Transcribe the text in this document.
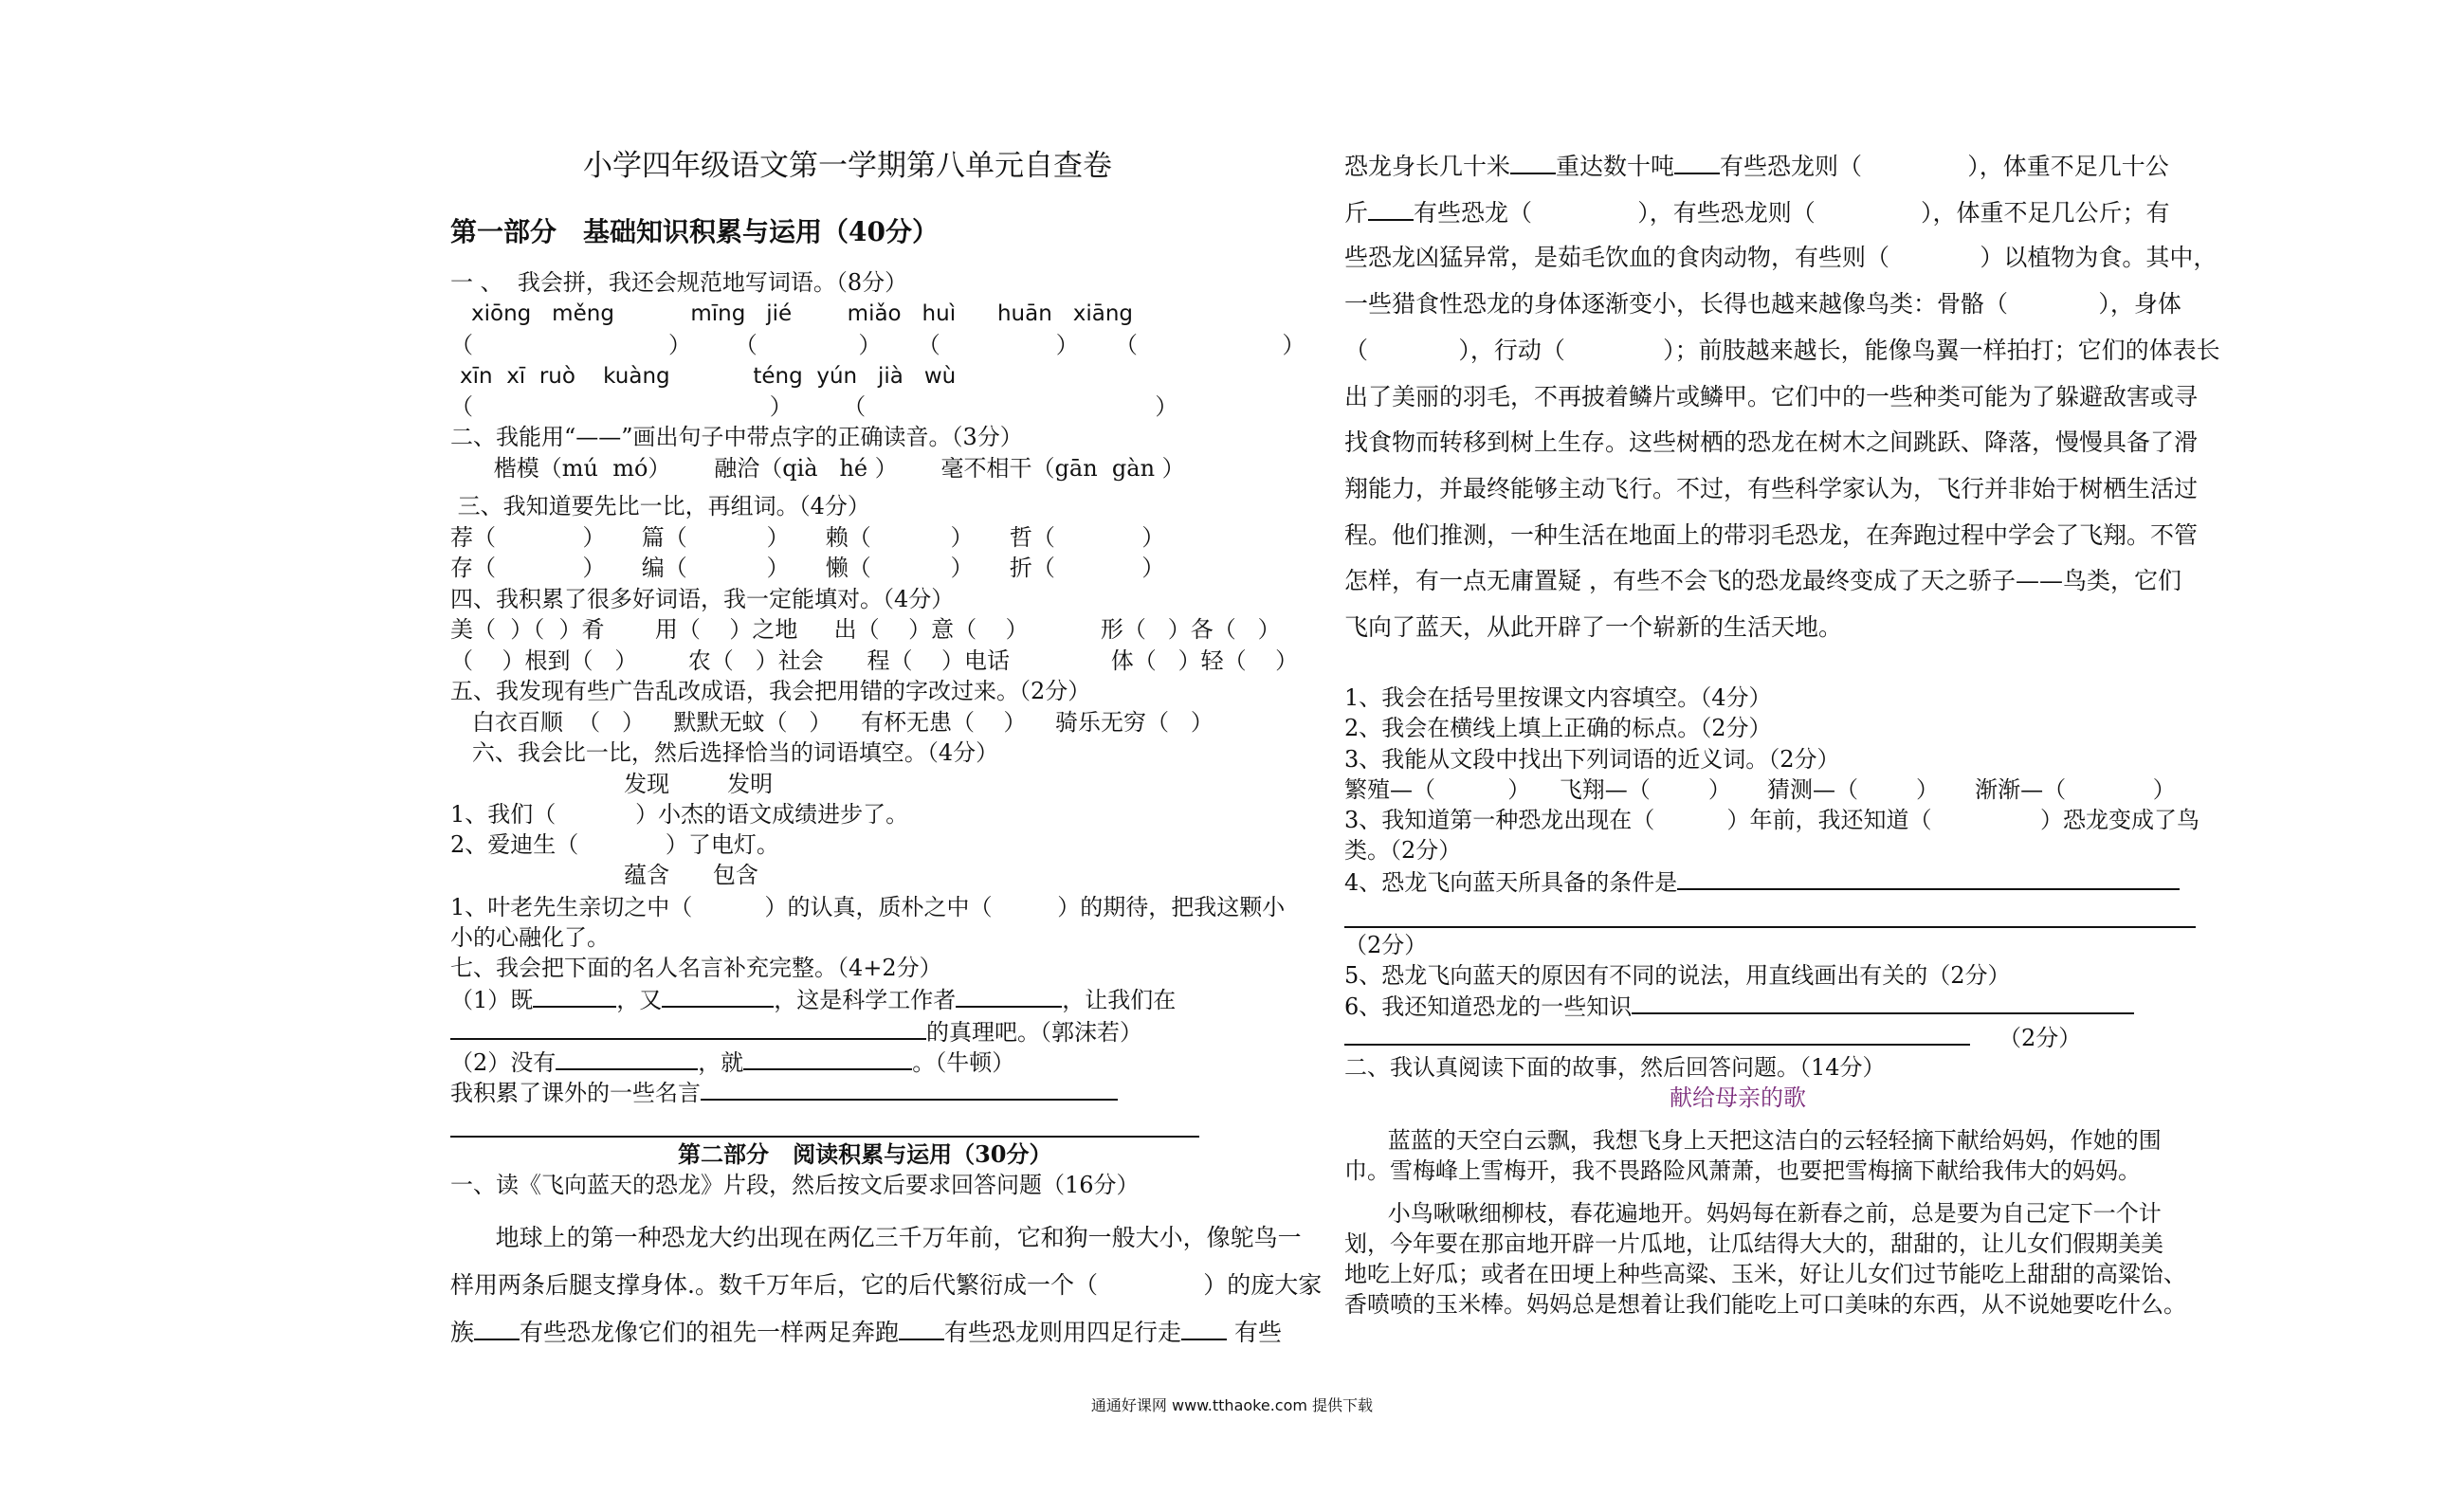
小学四年级语文第一学期第八单元自查卷
第一部分　基础知识积累与运用（40分）
一 、  我会拼，我还会规范地写词语。（8分）
xiōng   měng           mīng   jié        miǎo   huì      huān   xiāng
（                           ）      （              ）     （                ）     （                    ）
xīn  xī  ruò    kuàng            téng  yún   jià   wù
（                                         ）       （                                        ）
二、我能用“——”画出句子中带点字的正确读音。（3分）
楷模（mú  mó）      融洽（qià   hé ）      毫不相干（gān  gàn ）
三、我知道要先比一比，再组词。（4分）
荐（            ）     篇（           ）     赖（           ）     哲（            ）
存（            ）     编（           ）     懒（           ）     折（            ）
四、我积累了很多好词语，我一定能填对。（4分）
美（  ）（  ）肴       用（    ）之地     出（    ）意（    ）          形（   ）各（   ）
（    ）根到（   ）       农（   ）社会      程（    ）电话              体（   ）轻（    ）
五、我发现有些广告乱改成语，我会把用错的字改过来。（2分）
白衣百顺  （   ）    默默无蚊（   ）    有杯无患（    ）    骑乐无穷（   ）
六、我会比一比，然后选择恰当的词语填空。（4分）
发现        发明
1、我们（           ）小杰的语文成绩进步了。
2、爱迪生（            ）了电灯。
蕴含      包含
1、叶老先生亲切之中（          ）的认真，质朴之中（         ）的期待，把我这颗小
小的心融化了。
七、我会把下面的名人名言补充完整。（4+2分）
（1）既	，又	，这是科学工作者	，让我们在
的真理吧。（郭沫若）
（2）没有	，就	。（牛顿）
我积累了课外的一些名言
第二部分   阅读积累与运用（30分）
一、读《飞向蓝天的恐龙》片段，然后按文后要求回答问题（16分）
地球上的第一种恐龙大约出现在两亿三千万年前，它和狗一般大小，像鸵鸟一
样用两条后腿支撑身体.。数千万年后，它的后代繁衍成一个（              ）的庞大家
族 有些恐龙像它们的祖先一样两足奔跑 有些恐龙则用四足行走 有些
恐龙身长几十米 重达数十吨 有些恐龙则（              ），体重不足几十公
斤 有些恐龙（              ），有些恐龙则（              ），体重不足几公斤；有
些恐龙凶猛异常，是茹毛饮血的食肉动物，有些则（            ）以植物为食。其中，
一些猎食性恐龙的身体逐渐变小，长得也越来越像鸟类：骨骼（            ），身体
（            ），行动（             ）；前肢越来越长，能像鸟翼一样拍打；它们的体表长
出了美丽的羽毛，不再披着鳞片或鳞甲。它们中的一些种类可能为了躲避敌害或寻
找食物而转移到树上生存。这些树栖的恐龙在树木之间跳跃、降落，慢慢具备了滑
翔能力，并最终能够主动飞行。不过，有些科学家认为，飞行并非始于树栖生活过
程。他们推测，一种生活在地面上的带羽毛恐龙，在奔跑过程中学会了飞翔。不管
怎样，有一点无庸置疑 ，有些不会飞的恐龙最终变成了天之骄子——鸟类，它们
飞向了蓝天，从此开辟了一个崭新的生活天地。
1、我会在括号里按课文内容填空。（4分）
2、我会在横线上填上正确的标点。（2分）
3、我能从文段中找出下列词语的近义词。（2分）
繁殖—（          ）    飞翔—（        ）     猜测—（        ）     渐渐—（            ）
3、我知道第一种恐龙出现在（          ）年前，我还知道（               ）恐龙变成了鸟
类。（2分）
4、恐龙飞向蓝天所具备的条件是
（2分）
5、恐龙飞向蓝天的原因有不同的说法，用直线画出有关的（2分）
6、我还知道恐龙的一些知识
（2分）
二、我认真阅读下面的故事，然后回答问题。（14分）
献给母亲的歌
蓝蓝的天空白云飘，我想飞身上天把这洁白的云轻轻摘下献给妈妈，作她的围
巾。雪梅峰上雪梅开，我不畏路险风萧萧，也要把雪梅摘下献给我伟大的妈妈。
小鸟啾啾细柳枝，春花遍地开。妈妈每在新春之前，总是要为自己定下一个计
划，今年要在那亩地开辟一片瓜地，让瓜结得大大的，甜甜的，让儿女们假期美美
地吃上好瓜；或者在田埂上种些高粱、玉米，好让儿女们过节能吃上甜甜的高粱饴、
香喷喷的玉米棒。妈妈总是想着让我们能吃上可口美味的东西，从不说她要吃什么。
通通好课网 www.tthaoke.com 提供下载
